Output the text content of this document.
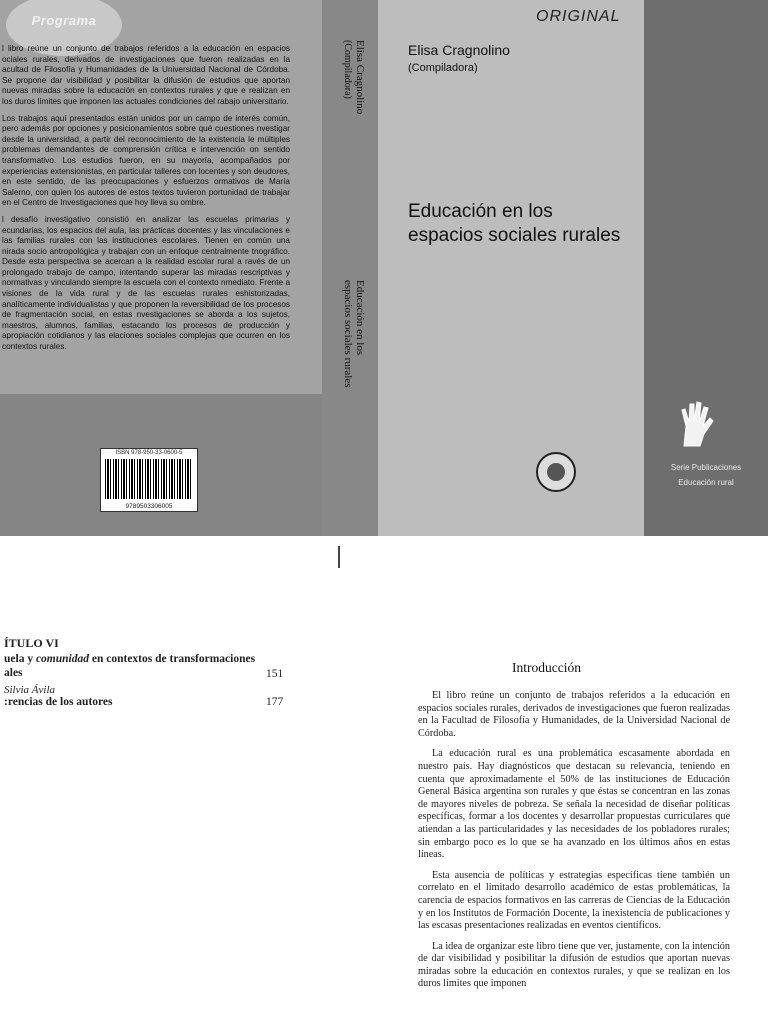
Programa

l libro reúne un conjunto de trabajos referidos a la educación en espacios ociales rurales, derivados de investigaciones que fueron realizadas en la acultad de Filosofía y Humanidades de la Universidad Nacional de Córdoba. Se propone dar visibilidad y posibilitar la difusión de estudios que aportan nuevas miradas sobre la educación en contextos rurales y que e realizan en los duros límites que imponen las actuales condiciones del rabajo universitario.

Los trabajos aquí presentados están unidos por un campo de interés común, pero además por opciones y posicionamientos sobre qué cuestiones nvestigar desde la universidad, a partir del reconocimiento de la existencia le múltiples problemas demandantes de comprensión crítica e intervención on sentido transformativo. Los estudios fueron, en su mayoría, acompañados por experiencias extensionistas, en particular talleres con locentes y son deudores, en este sentido, de las preocupaciones y esfuerzos ormativos de María Salerno, con quien los autores de estos textos tuvieron portunidad de trabajar en el Centro de Investigaciones que hoy lleva su ombre.

l desafío investigativo consistió en analizar las escuelas primarias y ecundarias, los espacios del aula, las prácticas docentes y las vinculaciones e las familias rurales con las instituciones escolares. Tienen en común una nirada socio antropológica y trabajan con un enfoque centralmente tnográfico. Desde esta perspectiva se acercan a la realidad escolar rural a ravés de un prolongado trabajo de campo, intentando superar las miradas rescriptivas y normativas y vinculando siempre la escuela con el contexto nmediato. Frente a visiones de la vida rural y de las escuelas rurales eshistorizadas, analíticamente individualistas y que proponen la reversibilidad de los procesos de fragmentación social, en estas nvestigaciones se aborda a los sujetos, maestros, alumnos, familias, estacando los procesos de producción y apropiación cotidianos y las elaciones sociales complejas que ocurren en los contextos rurales.

ISBN 978-950-33-0600-5
9789503306005
Elisa Cragnolino
(Compiladora)
Educación en los
espacios sociales rurales
ORIGINAL
Elisa Cragnolino
(Compiladora)
Educación en los
espacios sociales rurales
Serie Publicaciones
Educación rural
ÍTULO VI
uela y comunidad en contextos de transformaciones
ales
Silvia Ávila
151
:rencias de los autores	177
Introducción

El libro reúne un conjunto de trabajos referidos a la educación en espacios sociales rurales, derivados de investigaciones que fueron realizadas en la Facultad de Filosofía y Humanidades, de la Universidad Nacional de Córdoba.

La educación rural es una problemática escasamente abordada en nuestro país. Hay diagnósticos que destacan su relevancia, teniendo en cuenta que aproximadamente el 50% de las instituciones de Educación General Básica argentina son rurales y que éstas se concentran en las zonas de mayores niveles de pobreza. Se señala la necesidad de diseñar políticas específicas, formar a los docentes y desarrollar propuestas curriculares que atiendan a las particularidades y las necesidades de los pobladores rurales; sin embargo poco es lo que se ha avanzado en los últimos años en estas líneas.

Esta ausencia de políticas y estrategias específicas tiene también un correlato en el limitado desarrollo académico de estas problemáticas, la carencia de espacios formativos en las carreras de Ciencias de la Educación y en los Institutos de Formación Docente, la inexistencia de publicaciones y las escasas presentaciones realizadas en eventos científicos.

La idea de organizar este libro tiene que ver, justamente, con la intención de dar visibilidad y posibilitar la difusión de estudios que aportan nuevas miradas sobre la educación en contextos rurales, y que se realizan en los duros límites que imponen
